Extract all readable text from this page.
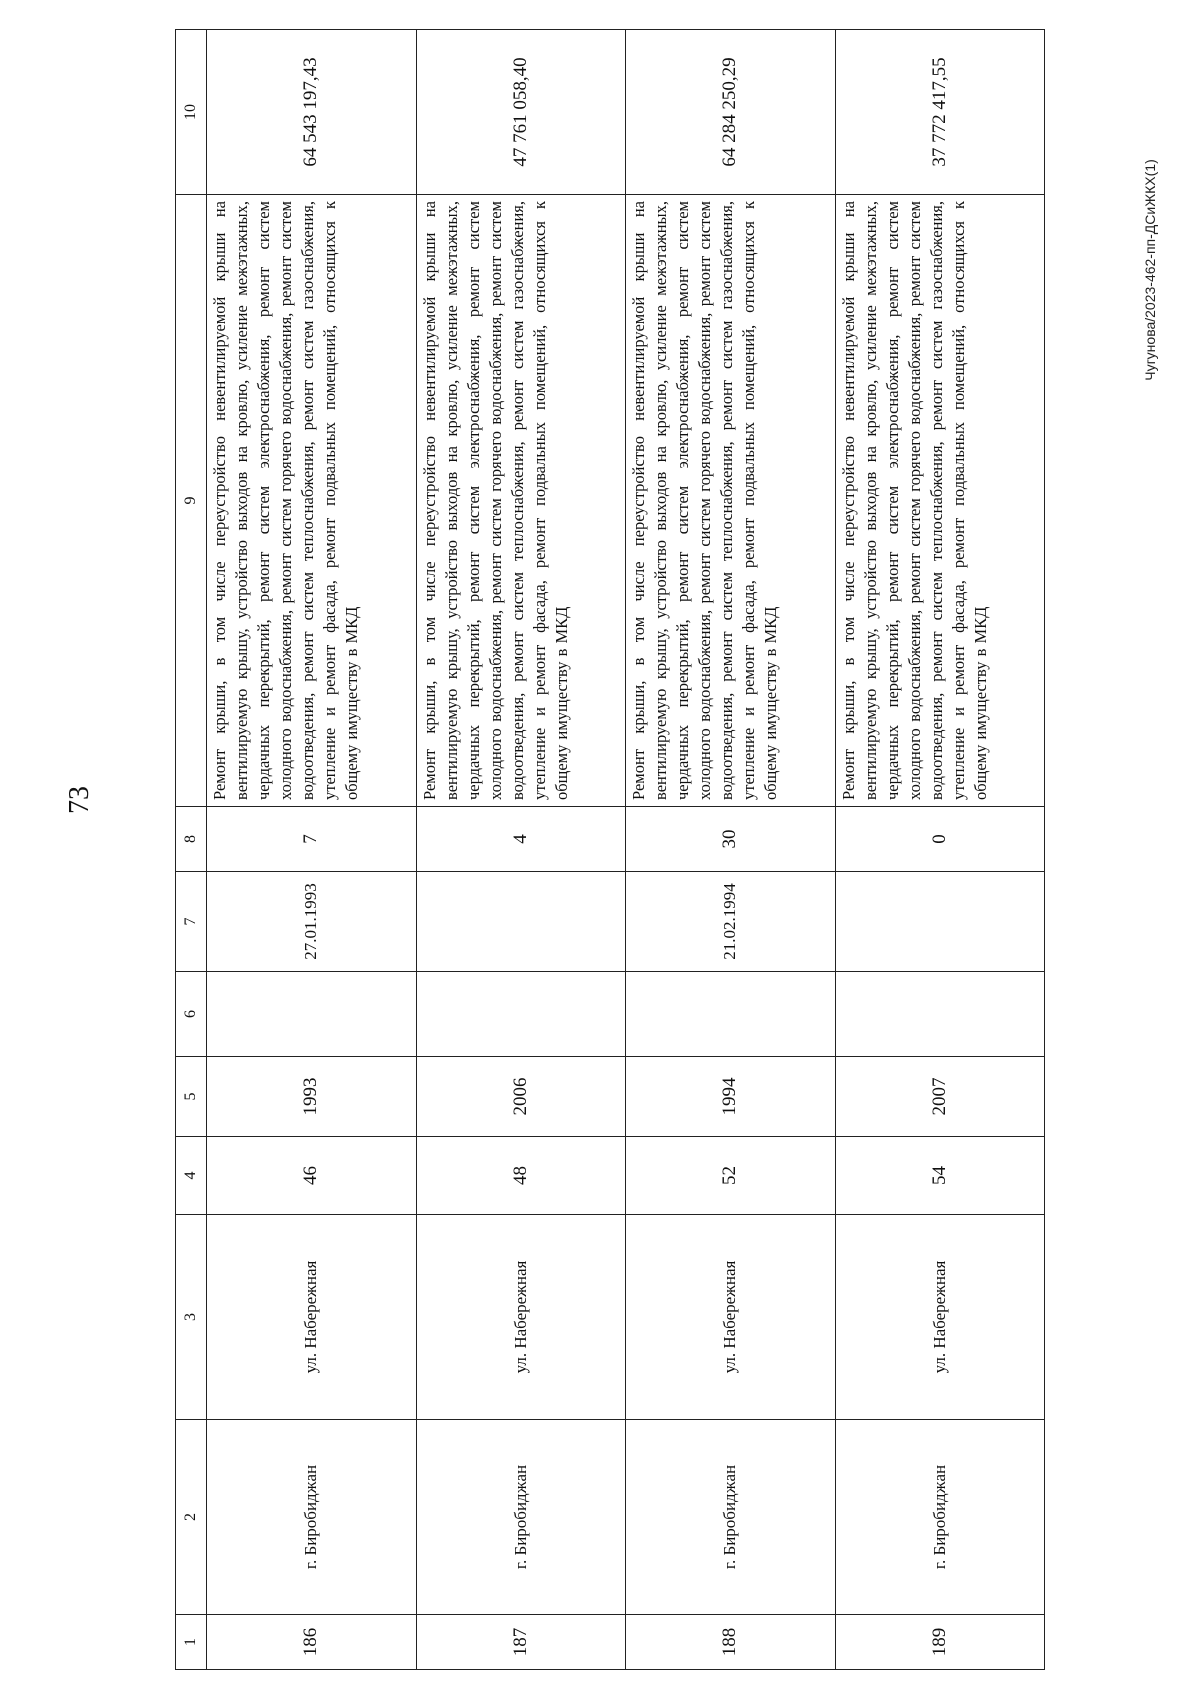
73
Чугунова/2023-462-пп-ДСиЖКХ(1)
1	2	3	4	5	6	7	8	9	10
186	г. Биробиджан	ул. Набережная	46	1993		27.01.1993	7	Ремонт крыши, в том числе переустройство невентилируемой крыши на вентилируемую крышу, устройство выходов на кровлю, усиление межэтажных, чердачных перекрытий, ремонт систем электроснабжения, ремонт систем холодного водоснабжения, ремонт систем горячего водоснабжения, ремонт систем водоотведения, ремонт систем теплоснабжения, ремонт систем газоснабжения, утепление и ремонт фасада, ремонт подвальных помещений, относящихся к общему имуществу в МКД	64 543 197,43
187	г. Биробиджан	ул. Набережная	48	2006			4	Ремонт крыши, в том числе переустройство невентилируемой крыши на вентилируемую крышу, устройство выходов на кровлю, усиление межэтажных, чердачных перекрытий, ремонт систем электроснабжения, ремонт систем холодного водоснабжения, ремонт систем горячего водоснабжения, ремонт систем водоотведения, ремонт систем теплоснабжения, ремонт систем газоснабжения, утепление и ремонт фасада, ремонт подвальных помещений, относящихся к общему имуществу в МКД	47 761 058,40
188	г. Биробиджан	ул. Набережная	52	1994		21.02.1994	30	Ремонт крыши, в том числе переустройство невентилируемой крыши на вентилируемую крышу, устройство выходов на кровлю, усиление межэтажных, чердачных перекрытий, ремонт систем электроснабжения, ремонт систем холодного водоснабжения, ремонт систем горячего водоснабжения, ремонт систем водоотведения, ремонт систем теплоснабжения, ремонт систем газоснабжения, утепление и ремонт фасада, ремонт подвальных помещений, относящихся к общему имуществу в МКД	64 284 250,29
189	г. Биробиджан	ул. Набережная	54	2007			0	Ремонт крыши, в том числе переустройство невентилируемой крыши на вентилируемую крышу, устройство выходов на кровлю, усиление межэтажных, чердачных перекрытий, ремонт систем электроснабжения, ремонт систем холодного водоснабжения, ремонт систем горячего водоснабжения, ремонт систем водоотведения, ремонт систем теплоснабжения, ремонт систем газоснабжения, утепление и ремонт фасада, ремонт подвальных помещений, относящихся к общему имуществу в МКД	37 772 417,55
